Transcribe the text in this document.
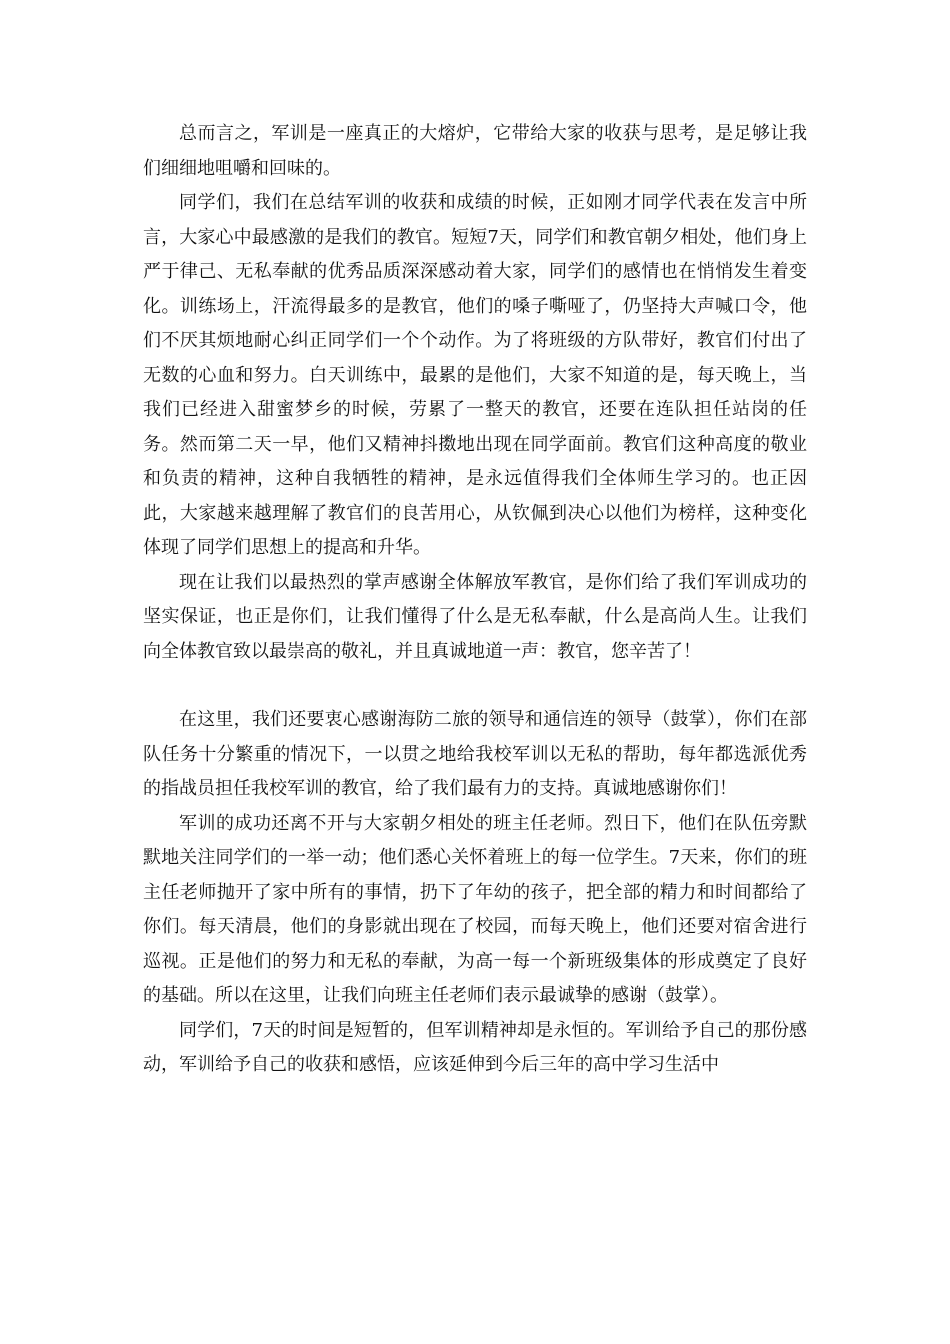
总而言之，军训是一座真正的大熔炉，它带给大家的收获与思考，是足够让我们细细地咀嚼和回味的。

同学们，我们在总结军训的收获和成绩的时候，正如刚才同学代表在发言中所言，大家心中最感激的是我们的教官。短短7天，同学们和教官朝夕相处，他们身上严于律己、无私奉献的优秀品质深深感动着大家，同学们的感情也在悄悄发生着变化。训练场上，汗流得最多的是教官，他们的嗓子嘶哑了，仍坚持大声喊口令，他们不厌其烦地耐心纠正同学们一个个动作。为了将班级的方队带好，教官们付出了无数的心血和努力。白天训练中，最累的是他们，大家不知道的是，每天晚上，当我们已经进入甜蜜梦乡的时候，劳累了一整天的教官，还要在连队担任站岗的任务。然而第二天一早，他们又精神抖擞地出现在同学面前。教官们这种高度的敬业和负责的精神，这种自我牺牲的精神，是永远值得我们全体师生学习的。也正因此，大家越来越理解了教官们的良苦用心，从钦佩到决心以他们为榜样，这种变化体现了同学们思想上的提高和升华。

现在让我们以最热烈的掌声感谢全体解放军教官，是你们给了我们军训成功的坚实保证，也正是你们，让我们懂得了什么是无私奉献，什么是高尚人生。让我们向全体教官致以最崇高的敬礼，并且真诚地道一声：教官，您辛苦了！

在这里，我们还要衷心感谢海防二旅的领导和通信连的领导（鼓掌），你们在部队任务十分繁重的情况下，一以贯之地给我校军训以无私的帮助，每年都选派优秀的指战员担任我校军训的教官，给了我们最有力的支持。真诚地感谢你们！

军训的成功还离不开与大家朝夕相处的班主任老师。烈日下，他们在队伍旁默默地关注同学们的一举一动；他们悉心关怀着班上的每一位学生。7天来，你们的班主任老师抛开了家中所有的事情，扔下了年幼的孩子，把全部的精力和时间都给了你们。每天清晨，他们的身影就出现在了校园，而每天晚上，他们还要对宿舍进行巡视。正是他们的努力和无私的奉献，为高一每一个新班级集体的形成奠定了良好的基础。所以在这里，让我们向班主任老师们表示最诚挚的感谢（鼓掌）。

同学们，7天的时间是短暂的，但军训精神却是永恒的。军训给予自己的那份感动，军训给予自己的收获和感悟，应该延伸到今后三年的高中学习生活中
